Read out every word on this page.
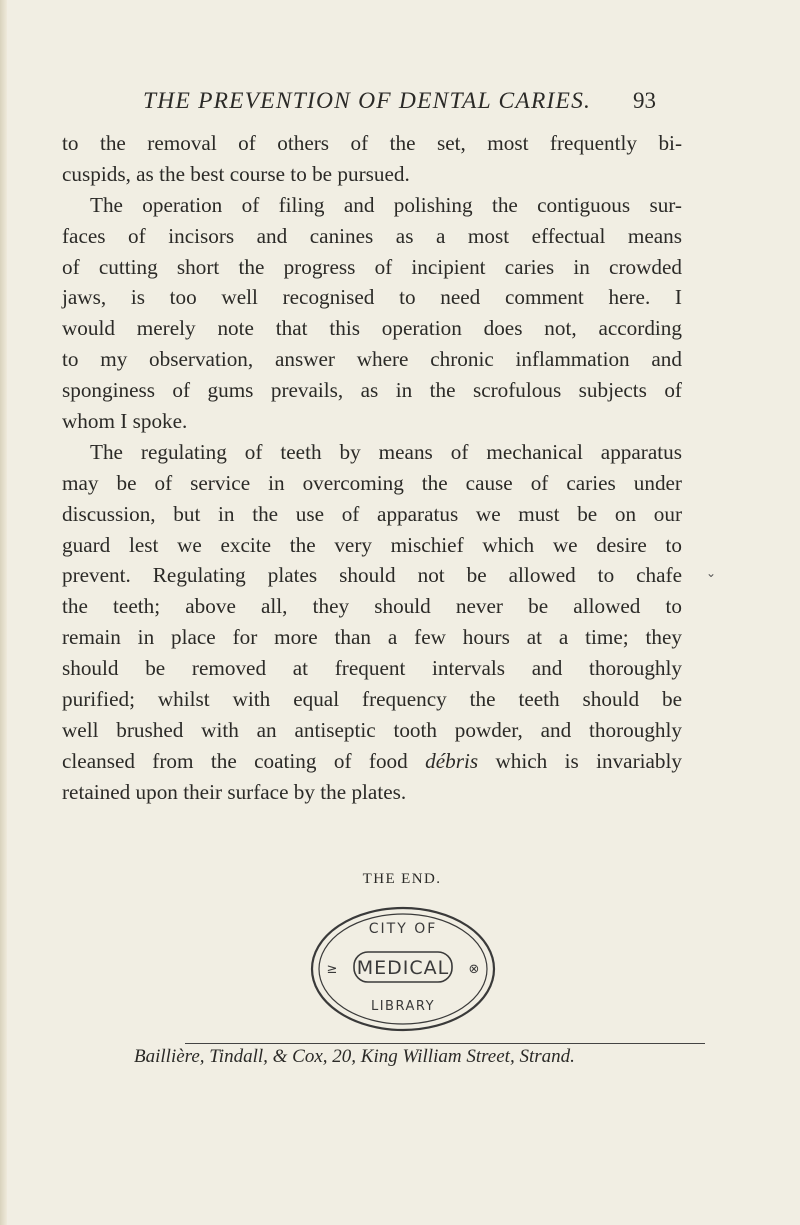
THE PREVENTION OF DENTAL CARIES. 93
to the removal of others of the set, most frequently bi-
cuspids, as the best course to be pursued.
The operation of filing and polishing the contiguous sur-
faces of incisors and canines as a most effectual means
of cutting short the progress of incipient caries in crowded
jaws, is too well recognised to need comment here. I
would merely note that this operation does not, according
to my observation, answer where chronic inflammation and
sponginess of gums prevails, as in the scrofulous subjects of
whom I spoke.
The regulating of teeth by means of mechanical apparatus
may be of service in overcoming the cause of caries under
discussion, but in the use of apparatus we must be on our
guard lest we excite the very mischief which we desire to
prevent. Regulating plates should not be allowed to chafe
the teeth; above all, they should never be allowed to
remain in place for more than a few hours at a time; they
should be removed at frequent intervals and thoroughly
purified; whilst with equal frequency the teeth should be
well brushed with an antiseptic tooth powder, and thoroughly
cleansed from the coating of food débris which is invariably
retained upon their surface by the plates.
THE END.
CITY OF
MEDICAL
LIBRARY
≥	⊗
Baillière, Tindall, & Cox, 20, King William Street, Strand.
⌄
